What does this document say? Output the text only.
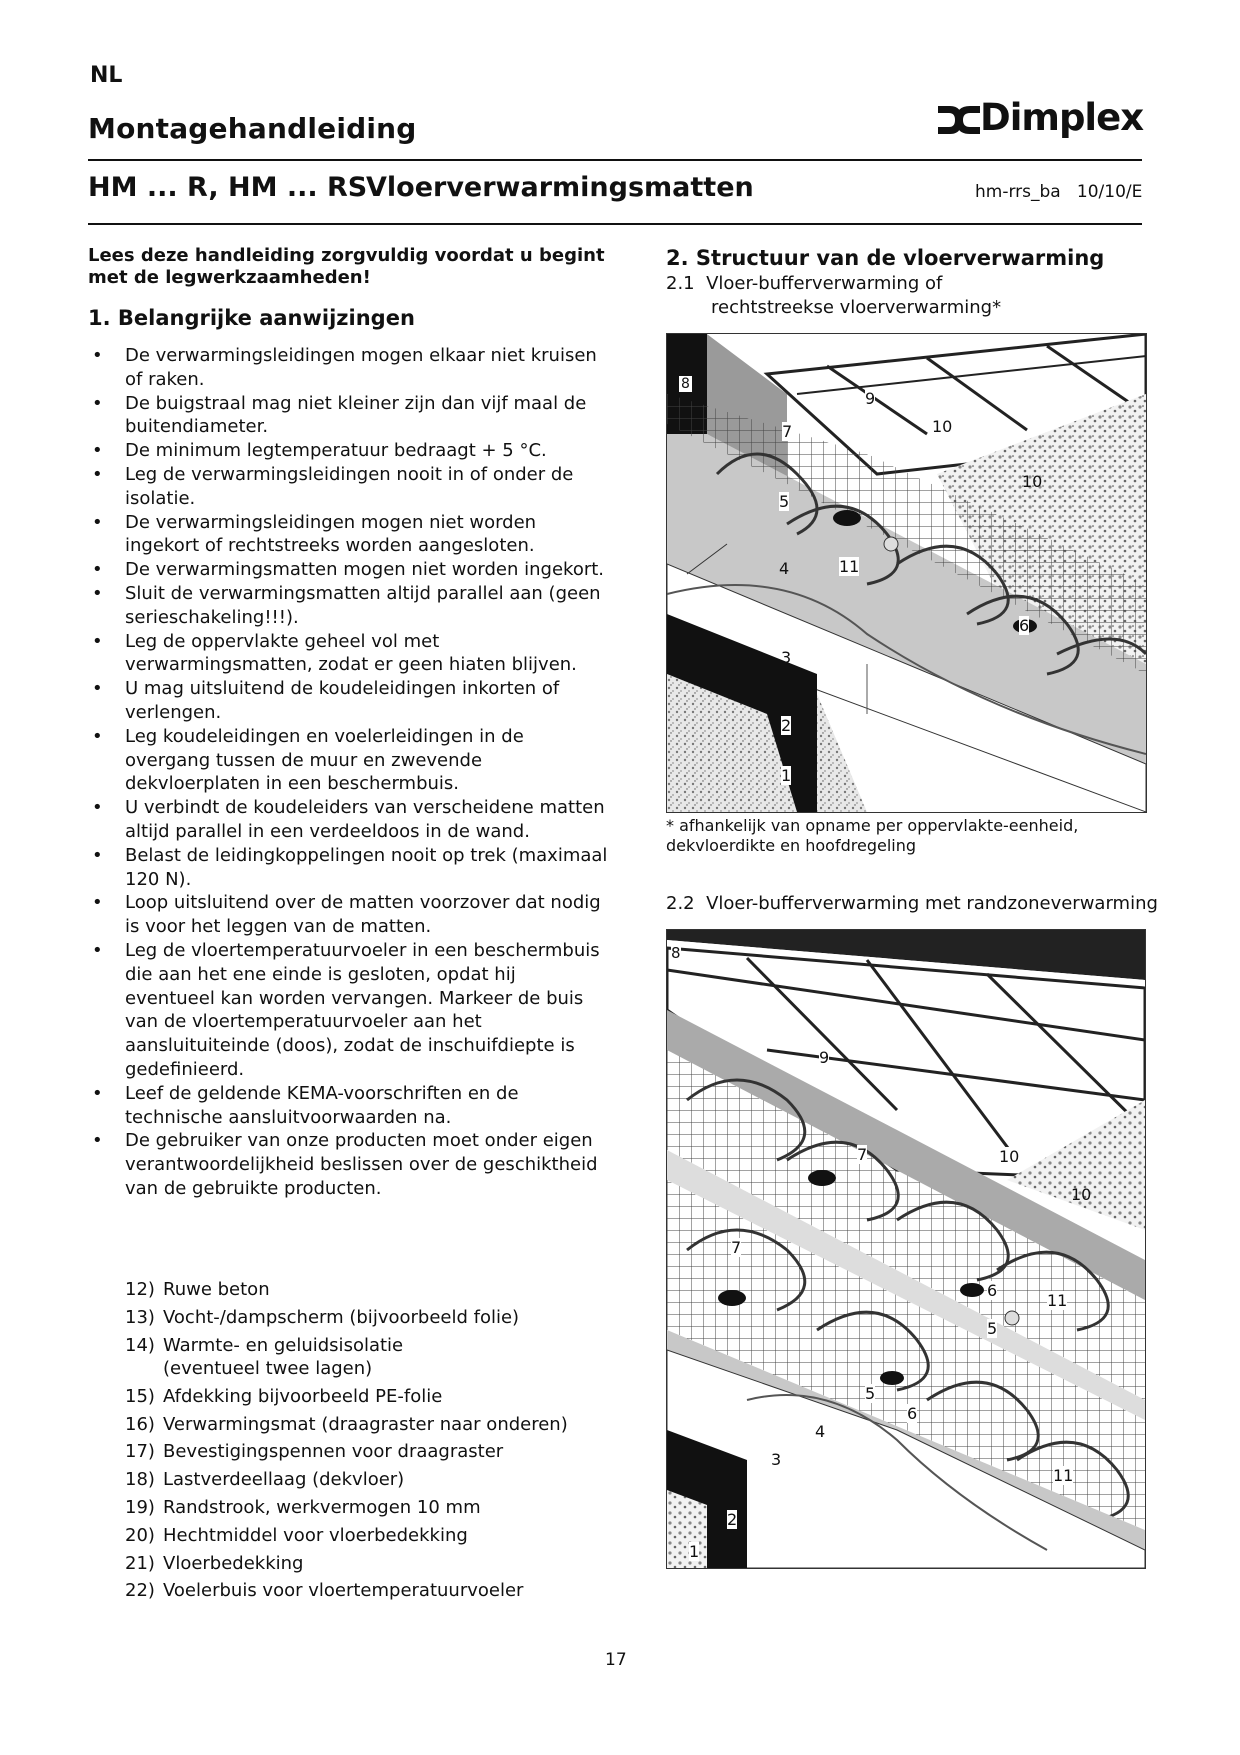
NL
Montagehandleiding	Dimplex
HM ... R, HM ... RS
Vloerverwarmingsmatten	hm-rrs_ba   10/10/E
Lees deze handleiding zorgvuldig voordat u begint met de legwerkzaamheden!
1. Belangrijke aanwijzingen
• De verwarmingsleidingen mogen elkaar niet kruisen of raken.
• De buigstraal mag niet kleiner zijn dan vijf maal de buitendiameter.
• De minimum legtemperatuur bedraagt + 5 °C.
• Leg de verwarmingsleidingen nooit in of onder de isolatie.
• De verwarmingsleidingen mogen niet worden ingekort of rechtstreeks worden aangesloten.
• De verwarmingsmatten mogen niet worden ingekort.
• Sluit de verwarmingsmatten altijd parallel aan (geen serieschakeling!!!).
• Leg de oppervlakte geheel vol met verwarmingsmatten, zodat er geen hiaten blijven.
• U mag uitsluitend de koudeleidingen inkorten of verlengen.
• Leg koudeleidingen en voelerleidingen in de overgang tussen de muur en zwevende dekvloerplaten in een beschermbuis.
• U verbindt de koudeleiders van verscheidene matten altijd parallel in een verdeeldoos in de wand.
• Belast de leidingkoppelingen nooit op trek (maximaal 120 N).
• Loop uitsluitend over de matten voorzover dat nodig is voor het leggen van de matten.
• Leg de vloertemperatuurvoeler in een beschermbuis die aan het ene einde is gesloten, opdat hij eventueel kan worden vervangen. Markeer de buis van de vloertemperatuurvoeler aan het aansluituiteinde (doos), zodat de inschuifdiepte is gedefinieerd.
• Leef de geldende KEMA-voorschriften en de technische aansluitvoorwaarden na.
• De gebruiker van onze producten moet onder eigen verantwoordelijkheid beslissen over de geschiktheid van de gebruikte producten.
12) Ruwe beton
13) Vocht-/dampscherm (bijvoorbeeld folie)
14) Warmte- en geluidsisolatie
(eventueel twee lagen)
15) Afdekking bijvoorbeeld PE-folie
16) Verwarmingsmat (draagraster naar onderen)
17) Bevestigingspennen voor draagraster
18) Lastverdeellaag (dekvloer)
19) Randstrook, werkvermogen 10 mm
20) Hechtmiddel voor vloerbedekking
21) Vloerbedekking
22) Voelerbuis voor vloertemperatuurvoeler
2. Structuur van de vloerverwarming
2.1  Vloer-bufferverwarming of
rechtstreekse vloerverwarming*
8
9
7	10
10
5
4	11
6
3
2
1
* afhankelijk van opname per oppervlakte-eenheid, dekvloerdikte en hoofdregeling
2.2  Vloer-bufferverwarming met randzoneverwarming
8
9
7	10
10
7
6
11
5
5
6
4
3
11
2
1
17
